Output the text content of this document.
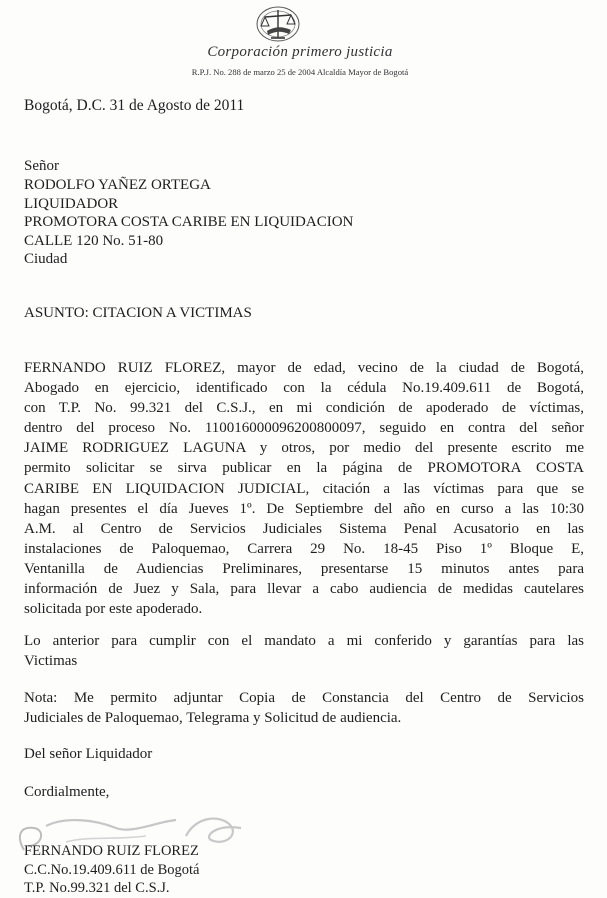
Corporación primero justicia
R.P.J. No. 288 de marzo 25 de 2004 Alcaldía Mayor de Bogotá
Bogotá, D.C. 31 de Agosto de 2011
Señor
RODOLFO YAÑEZ ORTEGA
LIQUIDADOR
PROMOTORA COSTA CARIBE EN LIQUIDACION
CALLE 120 No. 51-80
Ciudad
ASUNTO: CITACION A VICTIMAS
FERNANDO RUIZ FLOREZ, mayor de edad, vecino de la ciudad de Bogotá,
Abogado en ejercicio, identificado con la cédula No.19.409.611 de Bogotá,
con T.P. No. 99.321 del C.S.J., en mi condición de apoderado de víctimas,
dentro del proceso No. 110016000096200800097, seguido en contra del señor
JAIME RODRIGUEZ LAGUNA y otros, por medio del presente escrito me
permito solicitar se sirva publicar en la página de PROMOTORA COSTA
CARIBE EN LIQUIDACION JUDICIAL, citación a las víctimas para que se
hagan presentes el día Jueves 1º. De Septiembre del año en curso a las 10:30
A.M. al Centro de Servicios Judiciales Sistema Penal Acusatorio en las
instalaciones de Paloquemao, Carrera 29 No. 18-45 Piso 1º Bloque E,
Ventanilla de Audiencias Preliminares, presentarse 15 minutos antes para
información de Juez y Sala, para llevar a cabo audiencia de medidas cautelares
solicitada por este apoderado.
Lo anterior para cumplir con el mandato a mi conferido y garantías para las
Victimas
Nota: Me permito adjuntar Copia de Constancia del Centro de Servicios
Judiciales de Paloquemao, Telegrama y Solicitud de audiencia.
Del señor Liquidador
Cordialmente,
FERNANDO RUIZ FLOREZ
C.C.No.19.409.611 de Bogotá
T.P. No.99.321 del C.S.J.
